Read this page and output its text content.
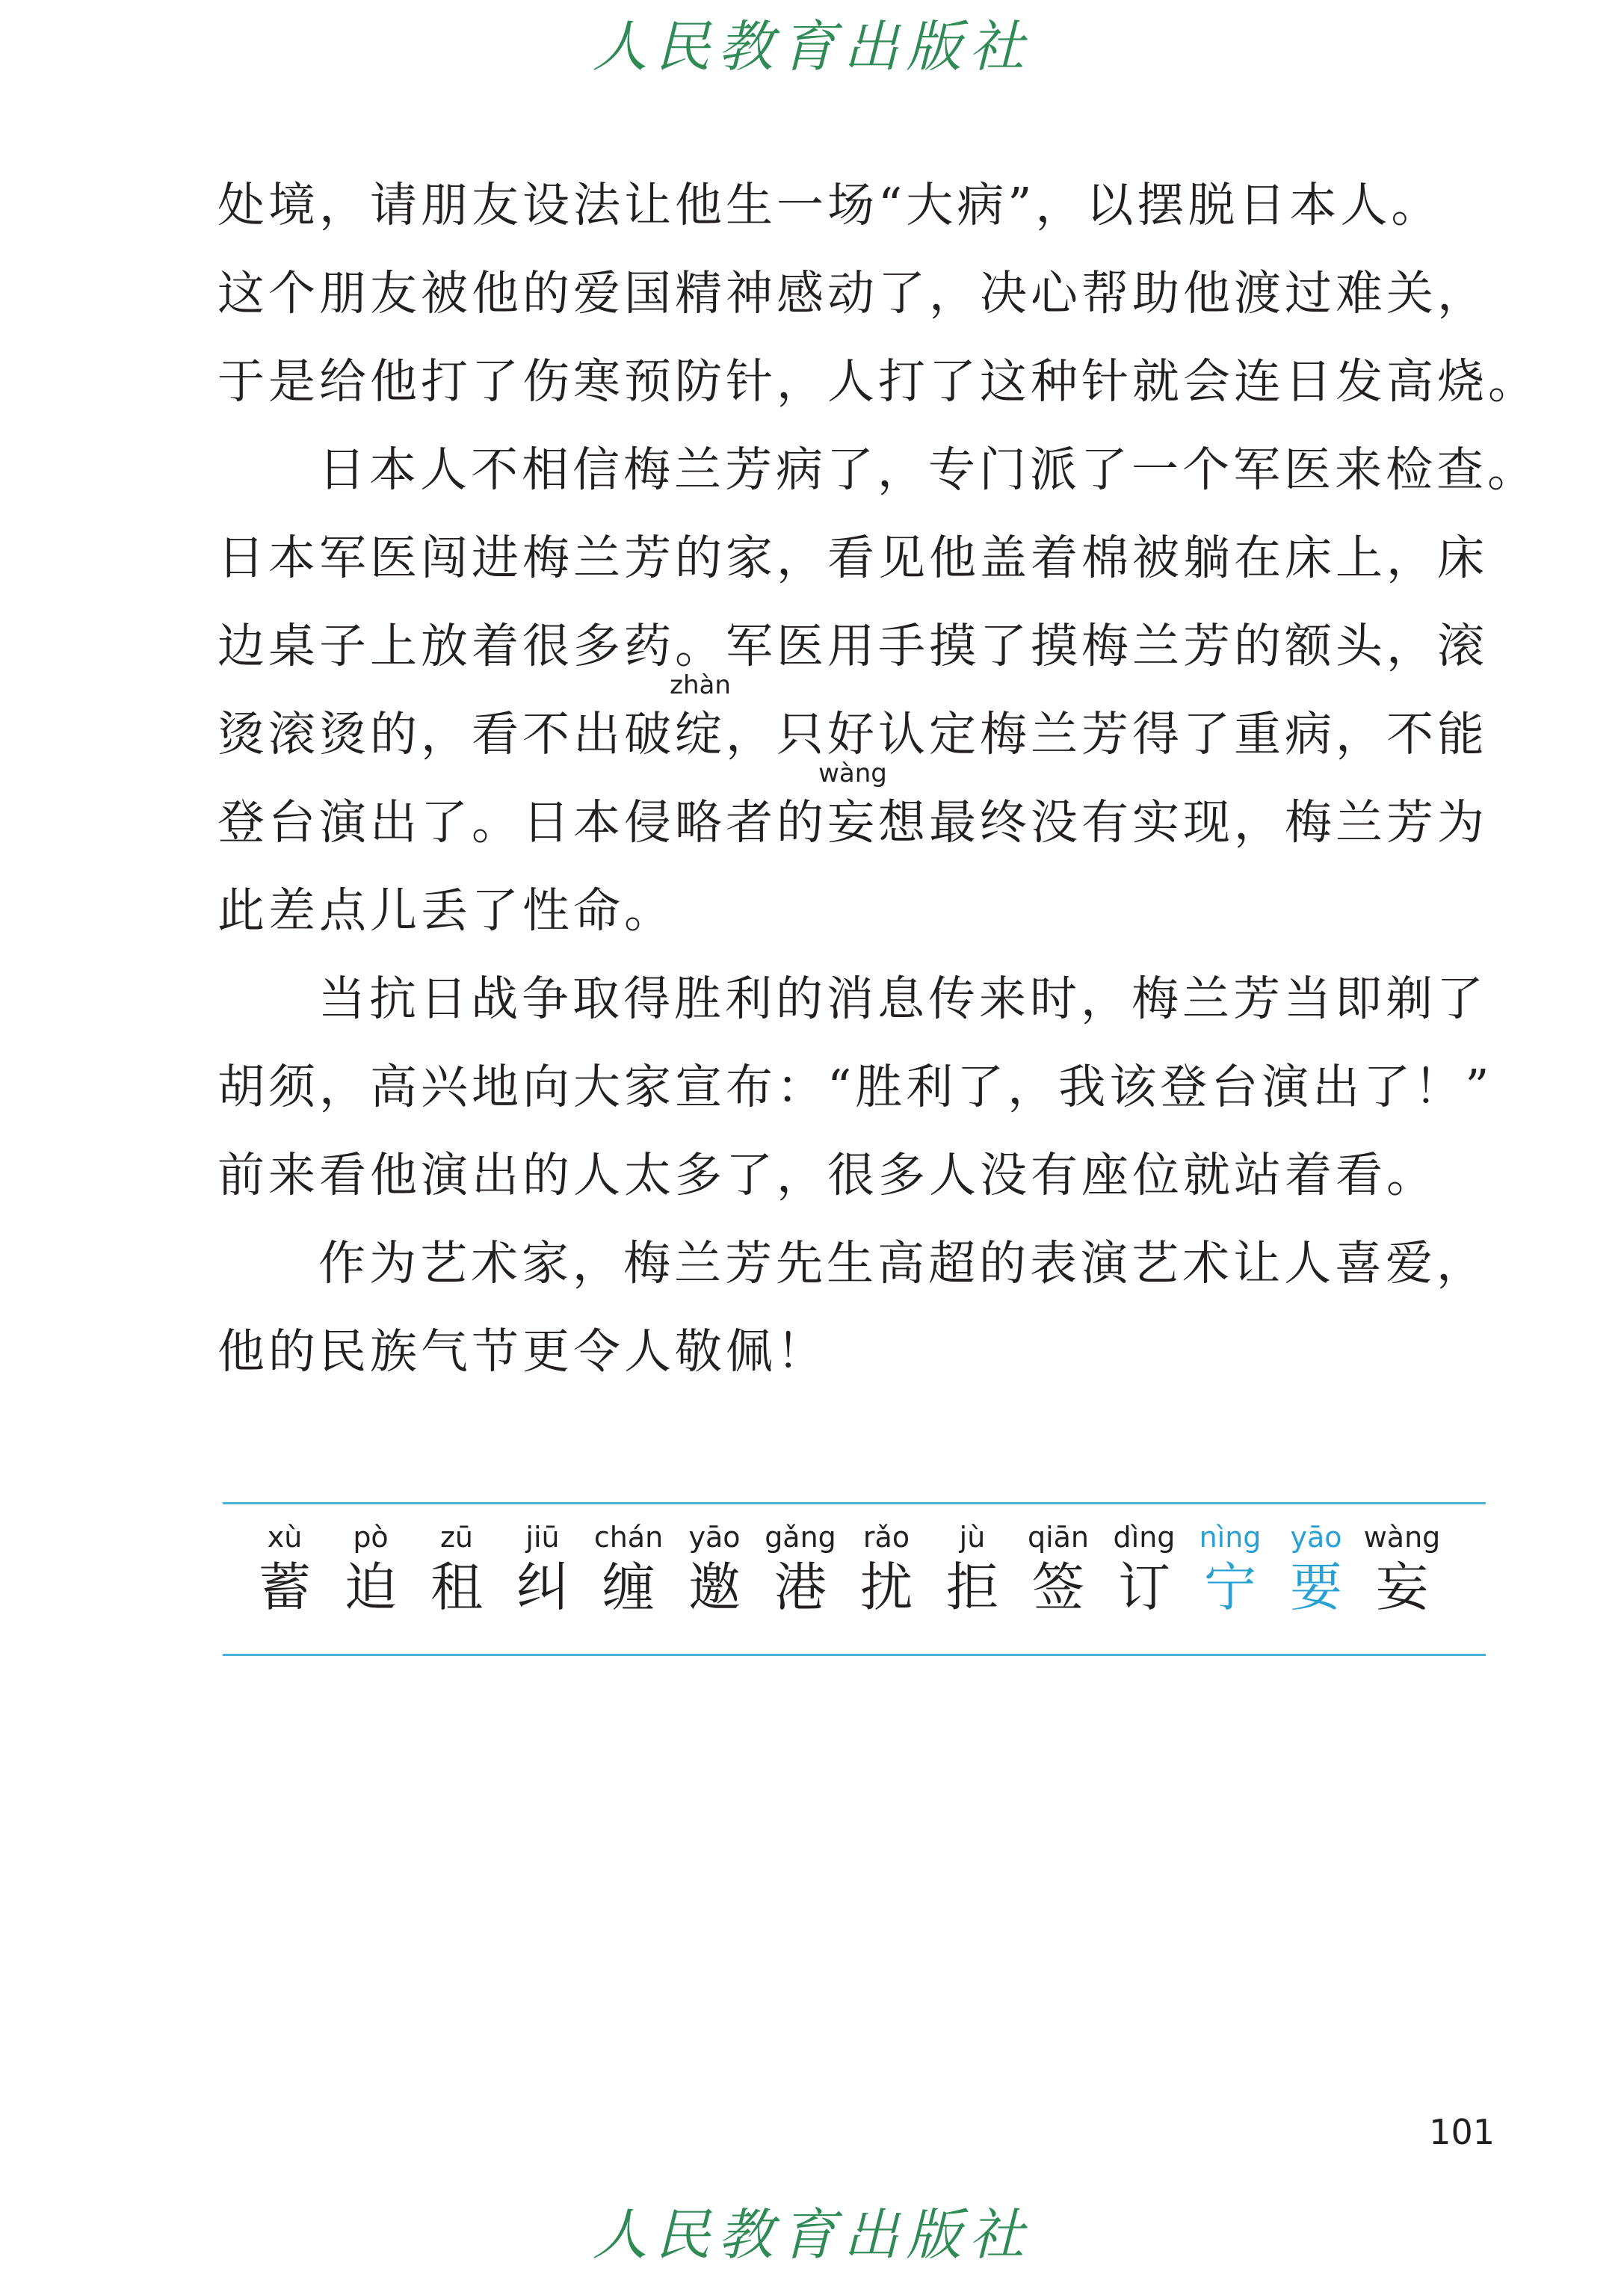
人民教育出版社
处境，请朋友设法让他生一场“大病”，以摆脱日本人。
这个朋友被他的爱国精神感动了，决心帮助他渡过难关，
于是给他打了伤寒预防针，人打了这种针就会连日发高烧。
日本人不相信梅兰芳病了，专门派了一个军医来检查。
日本军医闯进梅兰芳的家，看见他盖着棉被躺在床上，床
边桌子上放着很多药。军医用手摸了摸梅兰芳的额头，滚
烫滚烫的，看不出破
zhàn
绽，只好认定梅兰芳得了重病，不能
登台演出了。日本侵略者的
wàng
妄想最终没有实现，梅兰芳为
此差点儿丢了性命。
当抗日战争取得胜利的消息传来时，梅兰芳当即剃了
胡须，高兴地向大家宣布：“胜利了，我该登台演出了！”
前来看他演出的人太多了，很多人没有座位就站着看。
作为艺术家，梅兰芳先生高超的表演艺术让人喜爱，
他的民族气节更令人敬佩！
xù
蓄
pò
迫
zū
租
jiū
纠
chán
缠
yāo
邀
gǎng
港
rǎo
扰
jù
拒
qiān
签
dìng
订
nìng
宁
yāo
要
wàng
妄
101
人民教育出版社
